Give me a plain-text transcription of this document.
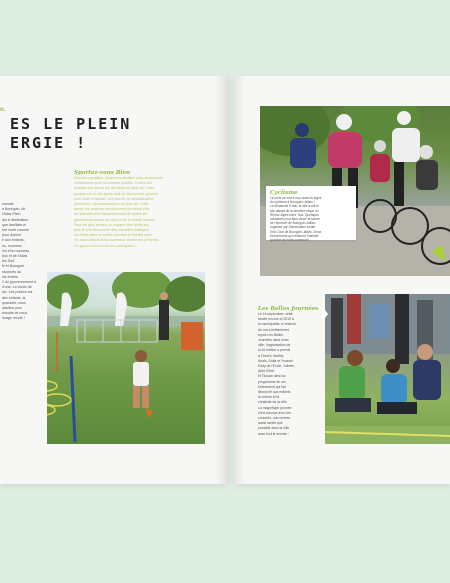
o.
ES LE PLEIN
ERGIE !
Sportez-vous Bien
Ensuite exposition. Quand les familles sont nombreuses
nombreuses pour les ateliers sportifs. Toutes ces
activités ont abouti sur des tests en plein air. Cette
journée est un bel après-midi de découverte sportive
pour toute la famille. Des stands de sensibilisation
préventive, des animations et le plein air. Cette
année les visiteurs ont découvert un circuit vélo
les activités et le rassemblement de toutes les
générations autour du sport et de la bonne humeur.
Pour les plus jeunes, un espace était dédié aux
jeux et à la découverte des nouvelles pratiques
sportives dans un cadre convivial et familial avec
les associations et les nombreux bénévoles présents.
Un grand merci à tous les participants !
ensuite
e Bourgoin, dit
l'Atlas Plein
ain à destination
que familiale et
bre toute comme
pour donner
e aux enfants,
ns, nouveau
ion d'un nouveau
bus et de l'Atlas
les Sud
ie et Bourgoin
ssionnés au
ins invités
1 du gouvernement à
d'une. La vision de
ise. Les publics est
des enfants, la
quarante, nous
adultes pour
ensuite ce nous
image recule !
Cyclisme
Le mois de mai a reçu aussi le signe
du cyclisme à Bourgoin-Jallieu !
Le dimanche 6 mai, la ville a été le
site départ de la dernière étape du
Rhône-Alpes Isère Tour. Quelques
centaines pour faire vibrer la scène
de l'épreuve de Bourgoin-Jallieu
organisé par l'association locale
Vélo Club de Bourgoin-Jallieu. Deux
événements qui resteront l'identité
sportive de notre commune.
Les Belles Journées
Le 16 septembre, cette
année encore et 2015 à
la municipalité, le festival
de rue a brillamment
repris Les Belles
Journées dans notre
ville, l'organisation de
la 4e édition a permis
à Florent, Mathis,
Anaïs, Sofia et Youssef
Eddy de l'Ecole, Juliette,
Alice Ethel
et Titouan ainsi au
programme de cet
événement qui fait
découvrir aux enfants
la culture et la
créativité de la ville.
La magnifique journée
s'est conclue avec les
concerts, une rentrée
aussi variée que
possible dans la ville
avec tout le monde !
